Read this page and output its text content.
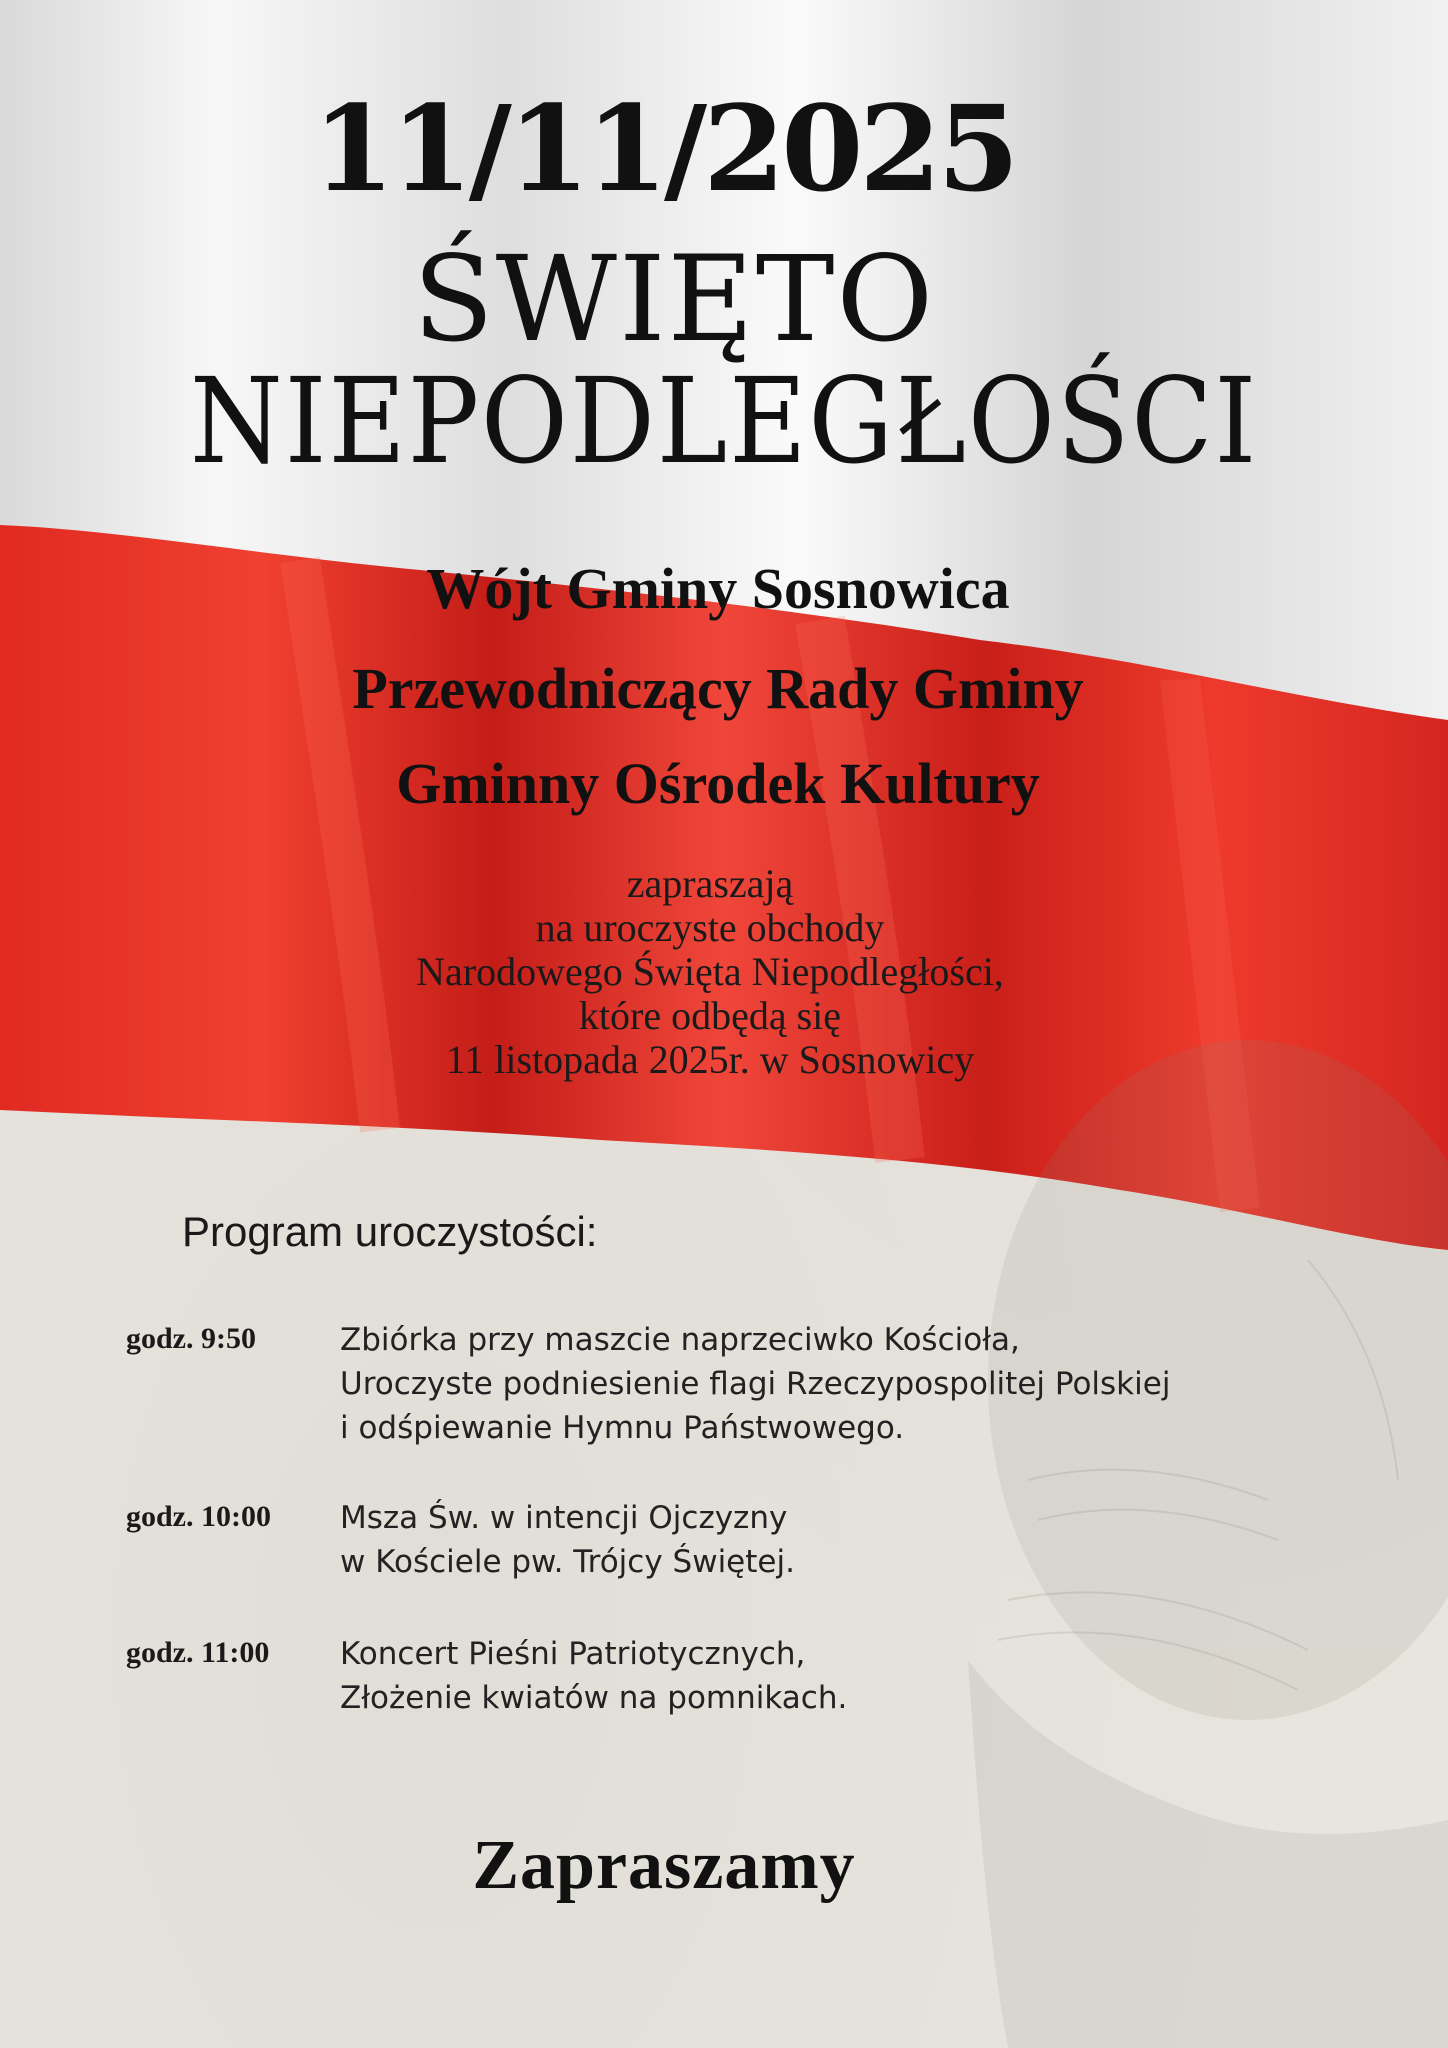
11/11/2025
ŚWIĘTO
NIEPODLEGŁOŚCI
Wójt Gminy Sosnowica
Przewodniczący Rady Gminy
Gminny Ośrodek Kultury
zapraszają
na uroczyste obchody
Narodowego Święta Niepodległości,
które odbędą się
11 listopada 2025r. w Sosnowicy
Program uroczystości:
godz. 9:50	Zbiórka przy maszcie naprzeciwko Kościoła,
Uroczyste podniesienie flagi Rzeczypospolitej Polskiej
i odśpiewanie Hymnu Państwowego.
godz. 10:00	Msza Św. w intencji Ojczyzny
w Kościele pw. Trójcy Świętej.
godz. 11:00	Koncert Pieśni Patriotycznych,
Złożenie kwiatów na pomnikach.
Zapraszamy
